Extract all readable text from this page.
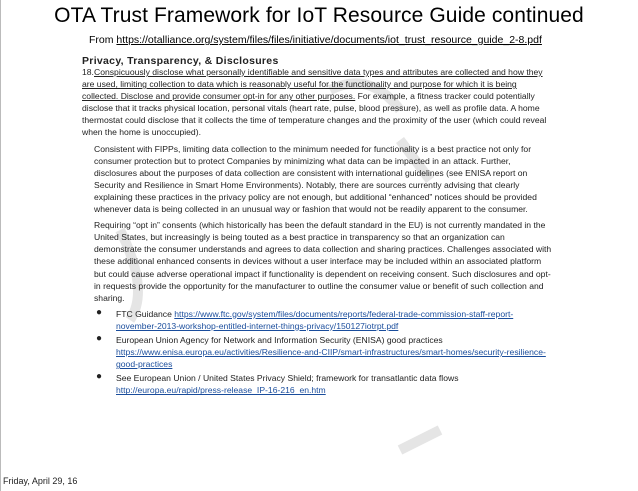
OTA Trust Framework for IoT Resource Guide continued
From https://otalliance.org/system/files/files/initiative/documents/iot_trust_resource_guide_2-8.pdf
Privacy, Transparency, & Disclosures

18.Conspicuously disclose what personally identifiable and sensitive data types and attributes are collected and how they are used, limiting collection to data which is reasonably useful for the functionality and purpose for which it is being collected. Disclose and provide consumer opt-in for any other purposes. For example, a fitness tracker could potentially disclose that it tracks physical location, personal vitals (heart rate, pulse, blood pressure), as well as profile data. A home thermostat could disclose that it collects the time of temperature changes and the proximity of the user (which could reveal when the home is unoccupied).

Consistent with FIPPs, limiting data collection to the minimum needed for functionality is a best practice not only for consumer protection but to protect Companies by minimizing what data can be impacted in an attack. Further, disclosures about the purposes of data collection are consistent with international guidelines (see ENISA report on Security and Resilience in Smart Home Environments). Notably, there are sources currently advising that clearly explaining these practices in the privacy policy are not enough, but additional “enhanced” notices should be provided whenever data is being collected in an unusual way or fashion that would not be readily apparent to the consumer.

Requiring “opt in” consents (which historically has been the default standard in the EU) is not currently mandated in the United States, but increasingly is being touted as a best practice in transparency so that an organization can demonstrate the consumer understands and agrees to data collection and sharing practices. Challenges associated with these additional enhanced consents in devices without a user interface may be included within an associated platform but could cause adverse operational impact if functionality is dependent on receiving consent. Such disclosures and opt-in requests provide the opportunity for the manufacturer to outline the consumer value or benefit of such collection and sharing.

● FTC Guidance https://www.ftc.gov/system/files/documents/reports/federal-trade-commission-staff-report-november-2013-workshop-entitled-internet-things-privacy/150127iotrpt.pdf
● European Union Agency for Network and Information Security (ENISA) good practices https://www.enisa.europa.eu/activities/Resilience-and-CIIP/smart-infrastructures/smart-homes/security-resilience-good-practices
● See European Union / United States Privacy Shield; framework for transatlantic data flows http://europa.eu/rapid/press-release_IP-16-216_en.htm
Friday, April 29, 16
